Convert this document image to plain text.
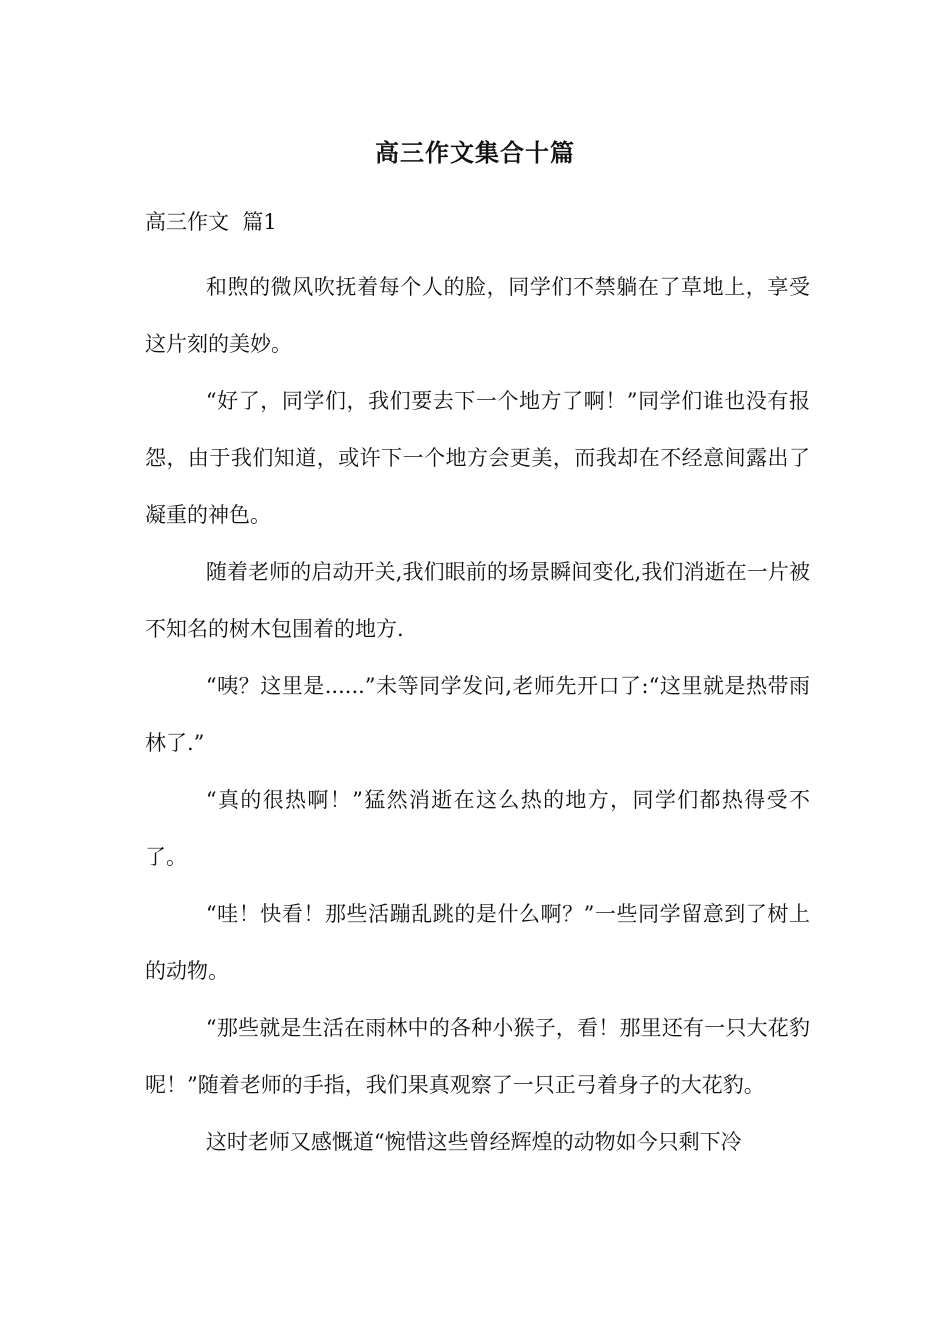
高三作文集合十篇
高三作文  篇1

和煦的微风吹抚着每个人的脸，同学们不禁躺在了草地上，享受这片刻的美妙。

“好了，同学们，我们要去下一个地方了啊！”同学们谁也没有报怨，由于我们知道，或许下一个地方会更美，而我却在不经意间露出了凝重的神色。

随着老师的启动开关,我们眼前的场景瞬间变化,我们消逝在一片被不知名的树木包围着的地方.

“咦？这里是......”未等同学发问,老师先开口了:“这里就是热带雨林了.”

“真的很热啊！”猛然消逝在这么热的地方，同学们都热得受不了。

“哇！快看！那些活蹦乱跳的是什么啊？”一些同学留意到了树上的动物。

“那些就是生活在雨林中的各种小猴子，看！那里还有一只大花豹呢！”随着老师的手指，我们果真观察了一只正弓着身子的大花豹。

这时老师又感慨道“惋惜这些曾经辉煌的动物如今只剩下冷
